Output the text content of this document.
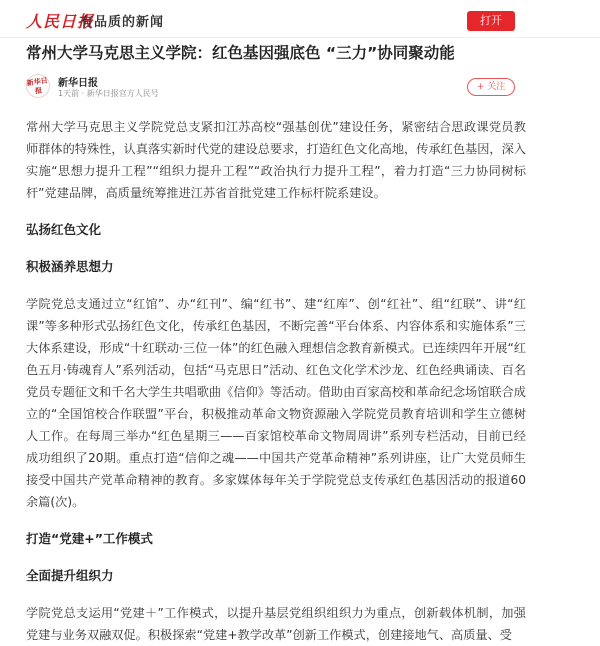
人民日报
有品质的新闻	打开
常州大学马克思主义学院：红色基因强底色 “三力”协同聚动能
新华日报
新华日报
1天前 · 新华日报官方人民号
+ 关注

常州大学马克思主义学院党总支紧扣江苏高校“强基创优”建设任务，紧密结合思政课党员教师群体的特殊性，认真落实新时代党的建设总要求，打造红色文化高地，传承红色基因，深入实施“思想力提升工程”“组织力提升工程”“政治执行力提升工程”，着力打造“三力协同树标杆”党建品牌，高质量统筹推进江苏省首批党建工作标杆院系建设。

弘扬红色文化

积极涵养思想力

学院党总支通过立“红馆”、办“红刊”、编“红书”、建“红库”、创“红社”、组“红联”、讲“红课”等多种形式弘扬红色文化，传承红色基因，不断完善“平台体系、内容体系和实施体系”三大体系建设，形成“十红联动·三位一体”的红色融入理想信念教育新模式。已连续四年开展“红色五月·铸魂育人”系列活动，包括“马克思日”活动、红色文化学术沙龙、红色经典诵读、百名党员专题征文和千名大学生共唱歌曲《信仰》等活动。借助由百家高校和革命纪念场馆联合成立的“全国馆校合作联盟”平台，积极推动革命文物资源融入学院党员教育培训和学生立德树人工作。在每周三举办“红色星期三——百家馆校革命文物周周讲”系列专栏活动，目前已经成功组织了20期。重点打造“信仰之魂——中国共产党革命精神”系列讲座，让广大党员师生接受中国共产党革命精神的教育。多家媒体每年关于学院党总支传承红色基因活动的报道60余篇(次)。

打造“党建+”工作模式

全面提升组织力

学院党总支运用“党建＋”工作模式，以提升基层党组织组织力为重点，创新载体机制，加强党建与业务双融双促。积极探索“党建+教学改革”创新工作模式，创建接地气、高质量、受
